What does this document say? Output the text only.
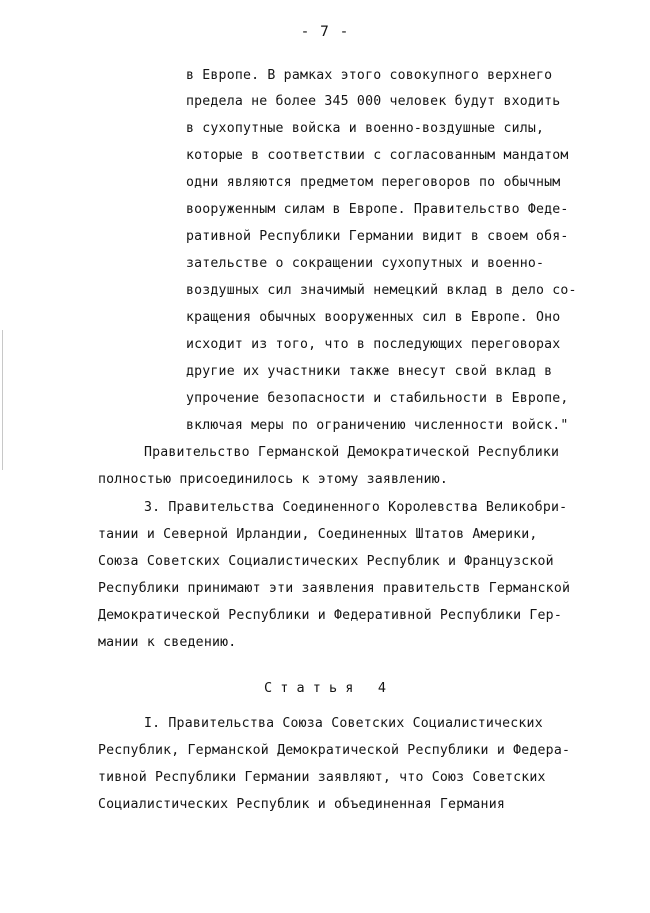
- 7 -
в Европе. В рамках этого совокупного верхнего
предела не более 345 000 человек будут входить
в сухопутные войска и военно-воздушные силы,
которые в соответствии с согласованным мандатом
одни являются предметом переговоров по обычным
вооруженным силам в Европе. Правительство Феде-
ративной Республики Германии видит в своем обя-
зательстве о сокращении сухопутных и военно-
воздушных сил значимый немецкий вклад в дело со-
кращения обычных вооруженных сил в Европе. Оно
исходит из того, что в последующих переговорах
другие их участники также внесут свой вклад в
упрочение безопасности и стабильности в Европе,
включая меры по ограничению численности войск."
Правительство Германской Демократической Республики
полностью присоединилось к этому заявлению.
3. Правительства Соединенного Королевства Великобри-
тании и Северной Ирландии, Соединенных Штатов Америки,
Союза Советских Социалистических Республик и Французской
Республики принимают эти заявления правительств Германской
Демократической Республики и Федеративной Республики Гер-
мании к сведению.
С т а т ь я   4
I. Правительства Союза Советских Социалистических
Республик, Германской Демократической Республики и Федера-
тивной Республики Германии заявляют, что Союз Советских
Социалистических Республик и объединенная Германия
